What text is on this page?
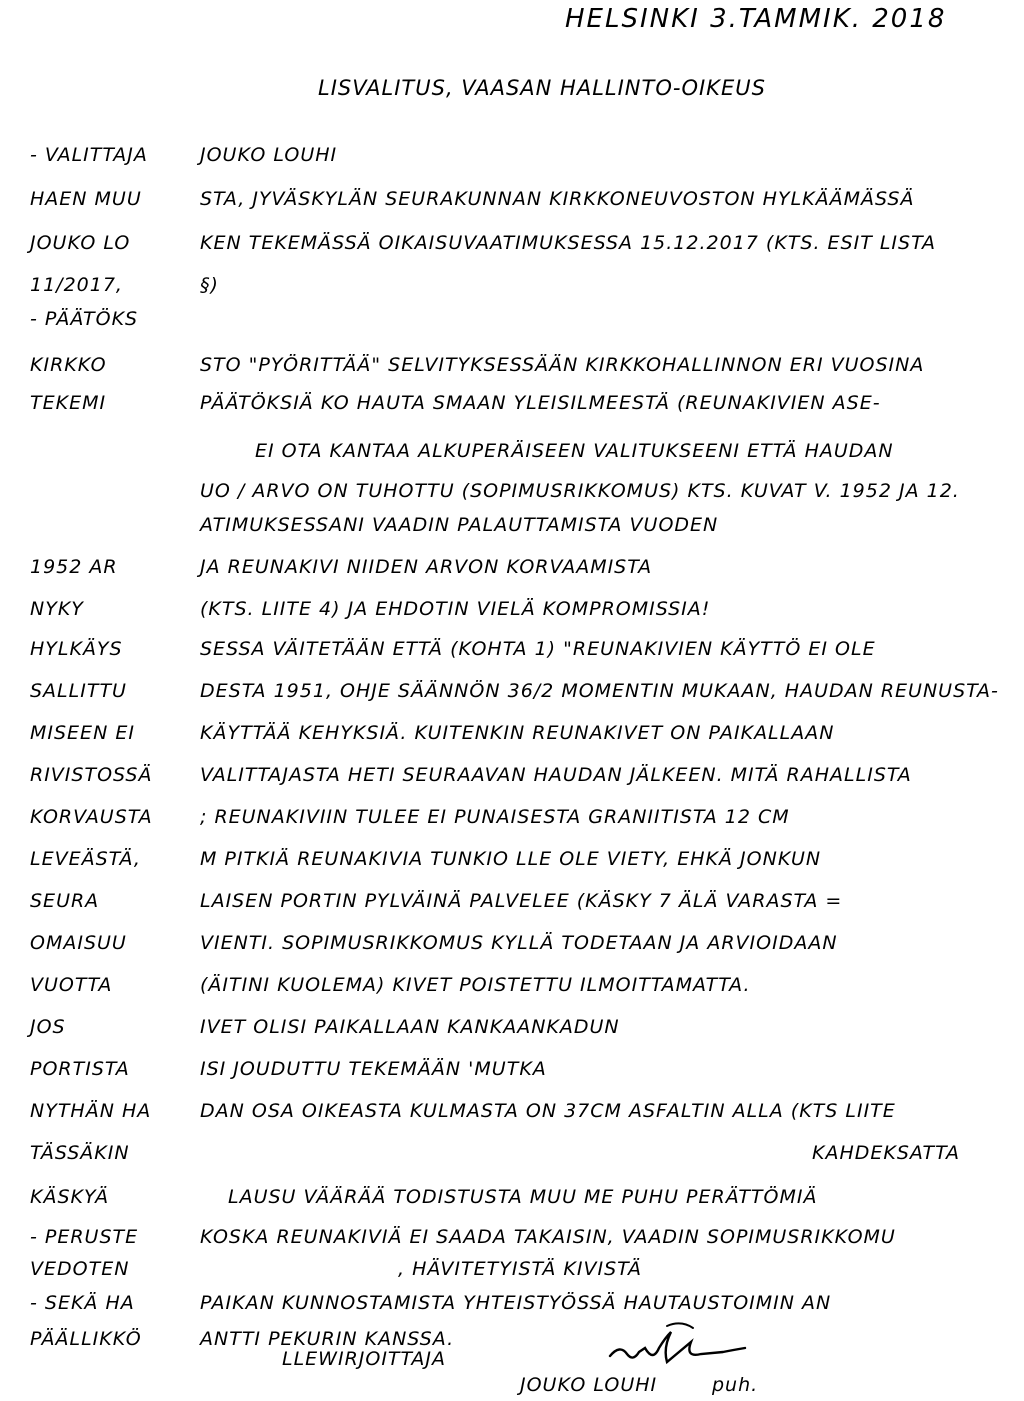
HELSINKI 3.TAMMIK. 2018
LISVALITUS, VAASAN HALLINTO-OIKEUS
- VALITTAJA	JOUKO LOUHI
HAEN MUU	STA, JYVÄSKYLÄN SEURAKUNNAN KIRKKONEUVOSTON HYLKÄÄMÄSSÄ
JOUKO LO	KEN TEKEMÄSSÄ OIKAISUVAATIMUKSESSA 15.12.2017 (KTS. ESIT LISTA
11/2017,	§)
- PÄÄTÖKS
KIRKKO	STO "PYÖRITTÄÄ" SELVITYKSESSÄÄN KIRKKOHALLINNON ERI VUOSINA
TEKEMI	PÄÄTÖKSIÄ KO HAUTA SMAAN YLEISILMEESTÄ (REUNAKIVIEN ASE-
EI OTA KANTAA ALKUPERÄISEEN VALITUKSEENI ETTÄ HAUDAN
UO / ARVO ON TUHOTTU (SOPIMUSRIKKOMUS) KTS. KUVAT V. 1952 JA 12.
ATIMUKSESSANI VAADIN PALAUTTAMISTA VUODEN
1952 AR	JA REUNAKIVI NIIDEN ARVON KORVAAMISTA
NYKY	(KTS. LIITE 4) JA EHDOTIN VIELÄ KOMPROMISSIA!
HYLKÄYS	SESSA VÄITETÄÄN ETTÄ (KOHTA 1) "REUNAKIVIEN KÄYTTÖ EI OLE
SALLITTU	DESTA 1951, OHJE SÄÄNNÖN 36/2 MOMENTIN MUKAAN, HAUDAN REUNUSTA-
MISEEN EI	KÄYTTÄÄ KEHYKSIÄ. KUITENKIN REUNAKIVET ON PAIKALLAAN
RIVISTOSSÄ	VALITTAJASTA HETI SEURAAVAN HAUDAN JÄLKEEN. MITÄ RAHALLISTA
KORVAUSTA ; REUNAKIVIIN TULEE EI PUNAISESTA GRANIITISTA 12 CM
LEVEÄSTÄ,	M PITKIÄ REUNAKIVIA TUNKIO LLE OLE VIETY, EHKÄ JONKUN
SEURA	LAISEN PORTIN PYLVÄINÄ PALVELEE (KÄSKY 7 ÄLÄ VARASTA =
OMAISUU	VIENTI. SOPIMUSRIKKOMUS KYLLÄ TODETAAN JA ARVIOIDAAN
VUOTTA	(ÄITINI KUOLEMA) KIVET POISTETTU ILMOITTAMATTA.
JOS	IVET OLISI PAIKALLAAN KANKAANKADUN
PORTISTA	ISI JOUDUTTU TEKEMÄÄN 'MUTKA
NYTHÄN HA	DAN OSA OIKEASTA KULMASTA ON 37CM ASFALTIN ALLA (KTS LIITE
TÄSSÄKIN	KAHDEKSATTA
KÄSKYÄ	LAUSU VÄÄRÄÄ TODISTUSTA MUU ME PUHU PERÄTTÖMIÄ
- PERUSTE	KOSKA REUNAKIVIÄ EI SAADA TAKAISIN, VAADIN SOPIMUSRIKKOMU
VEDOTEN	, HÄVITETYISTÄ KIVISTÄ
- SEKÄ HA	PAIKAN KUNNOSTAMISTA YHTEISTYÖSSÄ HAUTAUSTOIMIN AN
PÄÄLLIKKÖ	ANTTI PEKURIN KANSSA.
LLEWIRJOITTAJA
JOUKO LOUHI	puh.
